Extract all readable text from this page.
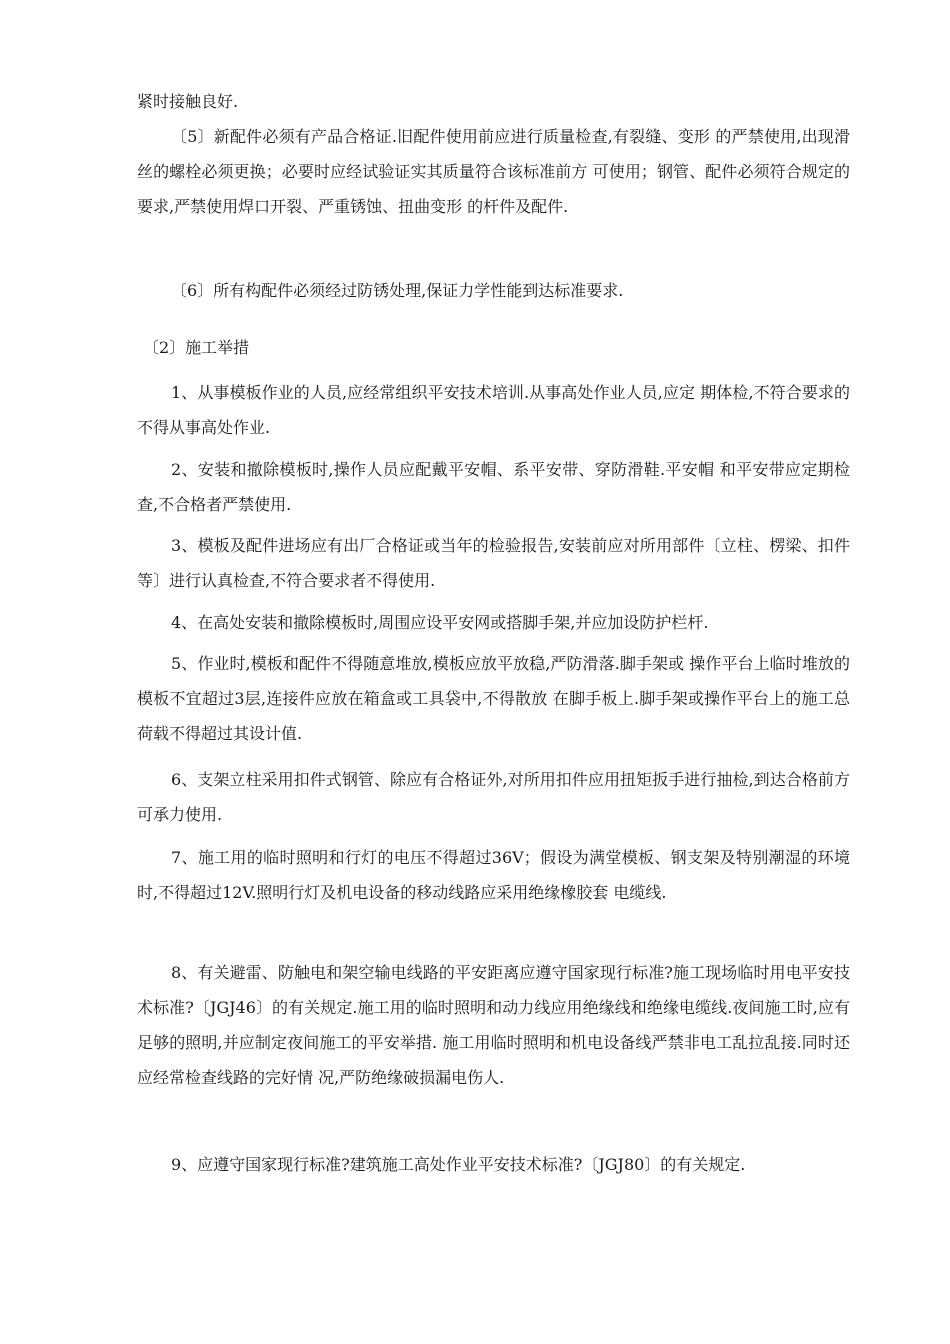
紧时接触良好.

〔5〕新配件必须有产品合格证.旧配件使用前应进行质量检查,有裂缝、变形 的严禁使用,出现滑丝的螺栓必须更换；必要时应经试验证实其质量符合该标准前方 可使用；钢管、配件必须符合规定的要求,严禁使用焊口开裂、严重锈蚀、扭曲变形 的杆件及配件.

〔6〕所有构配件必须经过防锈处理,保证力学性能到达标准要求.

〔2〕施工举措

1、从事模板作业的人员,应经常组织平安技术培训.从事高处作业人员,应定 期体检,不符合要求的不得从事高处作业.

2、安装和撤除模板时,操作人员应配戴平安帽、系平安带、穿防滑鞋.平安帽 和平安带应定期检查,不合格者严禁使用.

3、模板及配件进场应有出厂合格证或当年的检验报告,安装前应对所用部件〔立柱、楞梁、扣件等〕进行认真检查,不符合要求者不得使用.

4、在高处安装和撤除模板时,周围应设平安网或搭脚手架,并应加设防护栏杆.

5、作业时,模板和配件不得随意堆放,模板应放平放稳,严防滑落.脚手架或 操作平台上临时堆放的模板不宜超过3层,连接件应放在箱盒或工具袋中,不得散放 在脚手板上.脚手架或操作平台上的施工总荷载不得超过其设计值.

6、支架立柱采用扣件式钢管、除应有合格证外,对所用扣件应用扭矩扳手进行抽检,到达合格前方可承力使用.

7、施工用的临时照明和行灯的电压不得超过36V；假设为满堂模板、钢支架及特别潮湿的环境时,不得超过12V.照明行灯及机电设备的移动线路应采用绝缘橡胶套 电缆线.

8、有关避雷、防触电和架空输电线路的平安距离应遵守国家现行标准?施工现场临时用电平安技术标准?〔JGJ46〕的有关规定.施工用的临时照明和动力线应用绝缘线和绝缘电缆线.夜间施工时,应有足够的照明,并应制定夜间施工的平安举措. 施工用临时照明和机电设备线严禁非电工乱拉乱接.同时还应经常检查线路的完好情 况,严防绝缘破损漏电伤人.

9、应遵守国家现行标准?建筑施工高处作业平安技术标准?〔JGJ80〕的有关规定.
